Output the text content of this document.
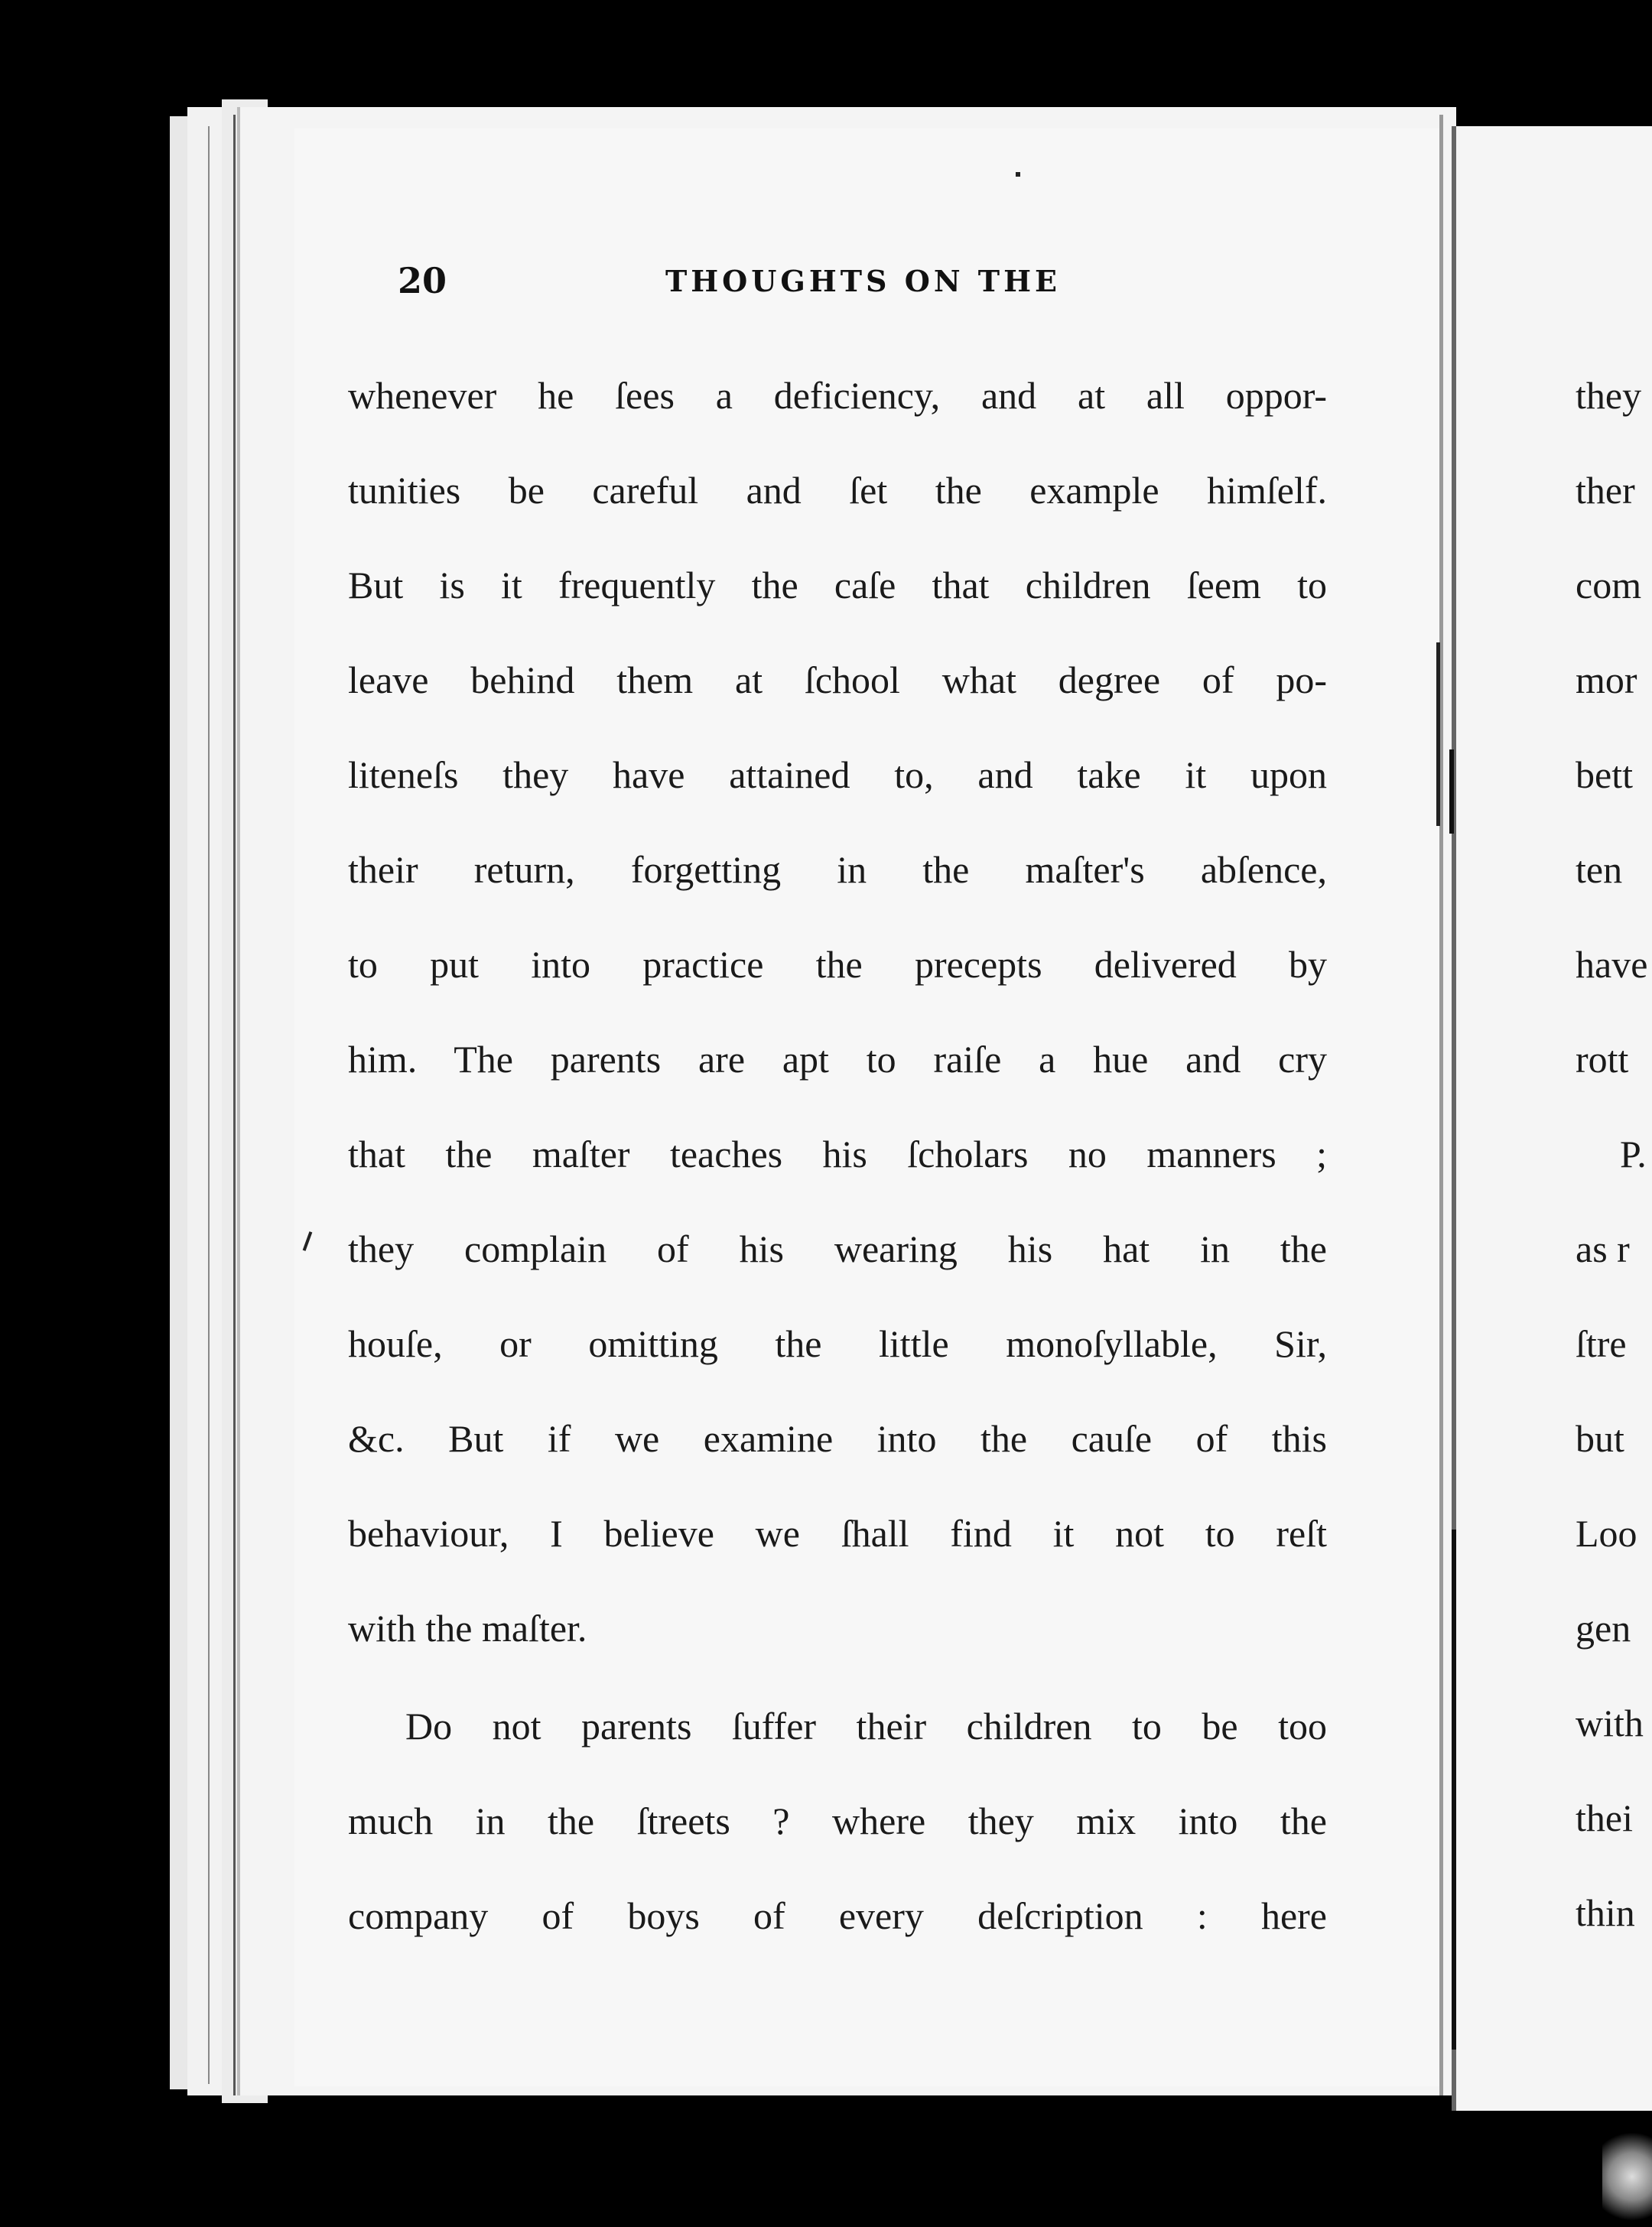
20	THOUGHTS ON THE
whenever he ſees a deficiency, and at all oppor-
tunities be careful and ſet the example himſelf.
But is it frequently the caſe that children ſeem to
leave behind them at ſchool what degree of po-
liteneſs they have attained to, and take it upon
their return, forgetting in the maſter's abſence,
to put into practice the precepts delivered by
him. The parents are apt to raiſe a hue and cry
that the maſter teaches his ſcholars no manners ;
they complain of his wearing his hat in the
houſe, or omitting the little monoſyllable, Sir,
&c. But if we examine into the cauſe of this
behaviour, I believe we ſhall find it not to reſt
with the maſter.
Do not parents ſuffer their children to be too
much in the ſtreets ? where they mix into the
company of boys of every deſcription : here
they
ther
com
mor
bett
ten
have
rott
P.
as r
ſtre
but
Loo
gen
with
thei
thin
